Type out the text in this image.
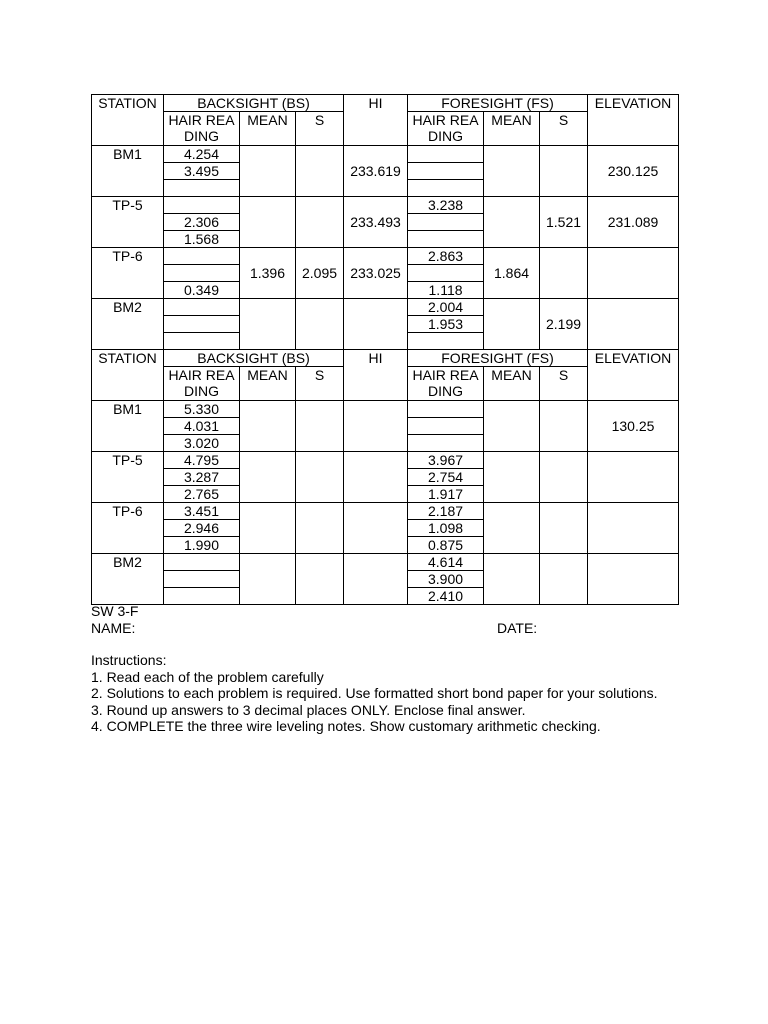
STATION	BACKSIGHT (BS)			HI	FORESIGHT (FS)			ELEVATION
	HAIR READING	MEAN	S		HAIR READING	MEAN	S	
BM1	4.254			233.619				230.125
	3.495							

TP-5				233.493	3.238		1.521	231.089
	2.306							
	1.568							
TP-6		1.396	2.095	233.025	2.863	1.864		

	0.349				1.118			
BM2					2.004		2.199	
					1.953			

STATION	BACKSIGHT (BS)			HI	FORESIGHT (FS)			ELEVATION
	HAIR READING	MEAN	S		HAIR READING	MEAN	S	
BM1	5.330							130.25
	4.031							
	3.020							
TP-5	4.795				3.967			
	3.287				2.754			
	2.765				1.917			
TP-6	3.451				2.187			
	2.946				1.098			
	1.990				0.875			
BM2					4.614			
					3.900			
					2.410			
SW 3-F
NAME:	DATE:
Instructions:
1. Read each of the problem carefully
2. Solutions to each problem is required. Use formatted short bond paper for your solutions.
3. Round up answers to 3 decimal places ONLY. Enclose final answer.
4. COMPLETE the three wire leveling notes. Show customary arithmetic checking.
